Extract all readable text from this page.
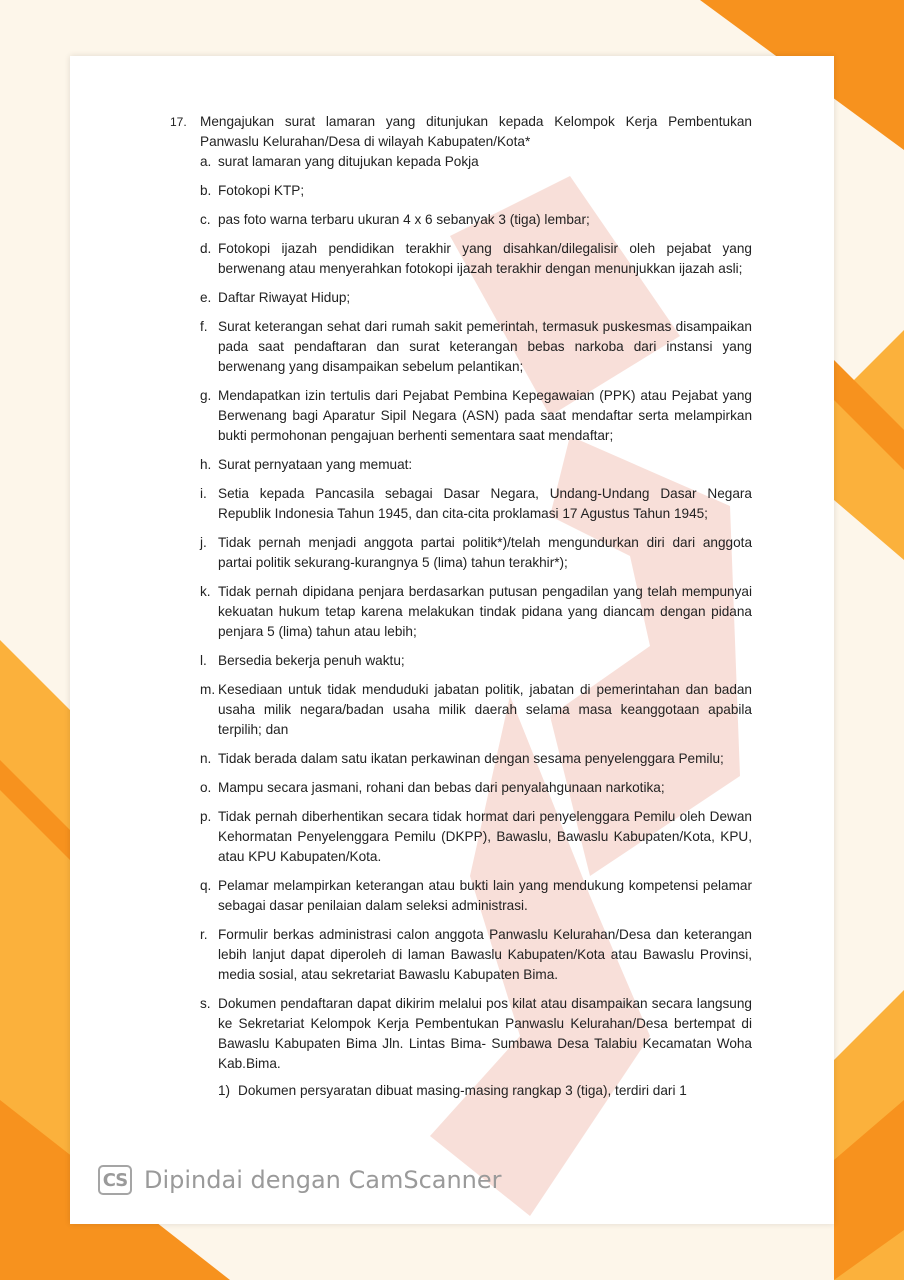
17. Mengajukan surat lamaran yang ditunjukan kepada Kelompok Kerja Pembentukan Panwaslu Kelurahan/Desa di wilayah Kabupaten/Kota*
a. surat lamaran yang ditujukan kepada Pokja
b. Fotokopi KTP;
c. pas foto warna terbaru ukuran 4 x 6 sebanyak 3 (tiga) lembar;
d. Fotokopi ijazah pendidikan terakhir yang disahkan/dilegalisir oleh pejabat yang berwenang atau menyerahkan fotokopi ijazah terakhir dengan menunjukkan ijazah asli;
e. Daftar Riwayat Hidup;
f. Surat keterangan sehat dari rumah sakit pemerintah, termasuk puskesmas disampaikan pada saat pendaftaran dan surat keterangan bebas narkoba dari instansi yang berwenang yang disampaikan sebelum pelantikan;
g. Mendapatkan izin tertulis dari Pejabat Pembina Kepegawaian (PPK) atau Pejabat yang Berwenang bagi Aparatur Sipil Negara (ASN) pada saat mendaftar serta melampirkan bukti permohonan pengajuan berhenti sementara saat mendaftar;
h. Surat pernyataan yang memuat:
i. Setia kepada Pancasila sebagai Dasar Negara, Undang-Undang Dasar Negara Republik Indonesia Tahun 1945, dan cita-cita proklamasi 17 Agustus Tahun 1945;
j. Tidak pernah menjadi anggota partai politik*)/telah mengundurkan diri dari anggota partai politik sekurang-kurangnya 5 (lima) tahun terakhir*);
k. Tidak pernah dipidana penjara berdasarkan putusan pengadilan yang telah mempunyai kekuatan hukum tetap karena melakukan tindak pidana yang diancam dengan pidana penjara 5 (lima) tahun atau lebih;
l. Bersedia bekerja penuh waktu;
m. Kesediaan untuk tidak menduduki jabatan politik, jabatan di pemerintahan dan badan usaha milik negara/badan usaha milik daerah selama masa keanggotaan apabila terpilih; dan
n. Tidak berada dalam satu ikatan perkawinan dengan sesama penyelenggara Pemilu;
o. Mampu secara jasmani, rohani dan bebas dari penyalahgunaan narkotika;
p. Tidak pernah diberhentikan secara tidak hormat dari penyelenggara Pemilu oleh Dewan Kehormatan Penyelenggara Pemilu (DKPP), Bawaslu, Bawaslu Kabupaten/Kota, KPU, atau KPU Kabupaten/Kota.
q. Pelamar melampirkan keterangan atau bukti lain yang mendukung kompetensi pelamar sebagai dasar penilaian dalam seleksi administrasi.
r. Formulir berkas administrasi calon anggota Panwaslu Kelurahan/Desa dan keterangan lebih lanjut dapat diperoleh di laman Bawaslu Kabupaten/Kota atau Bawaslu Provinsi, media sosial, atau sekretariat Bawaslu Kabupaten Bima.
s. Dokumen pendaftaran dapat dikirim melalui pos kilat atau disampaikan secara langsung ke Sekretariat Kelompok Kerja Pembentukan Panwaslu Kelurahan/Desa bertempat di Bawaslu Kabupaten Bima Jln. Lintas Bima- Sumbawa Desa Talabiu Kecamatan Woha Kab.Bima.
1) Dokumen persyaratan dibuat masing-masing rangkap 3 (tiga), terdiri dari 1
CS Dipindai dengan CamScanner
